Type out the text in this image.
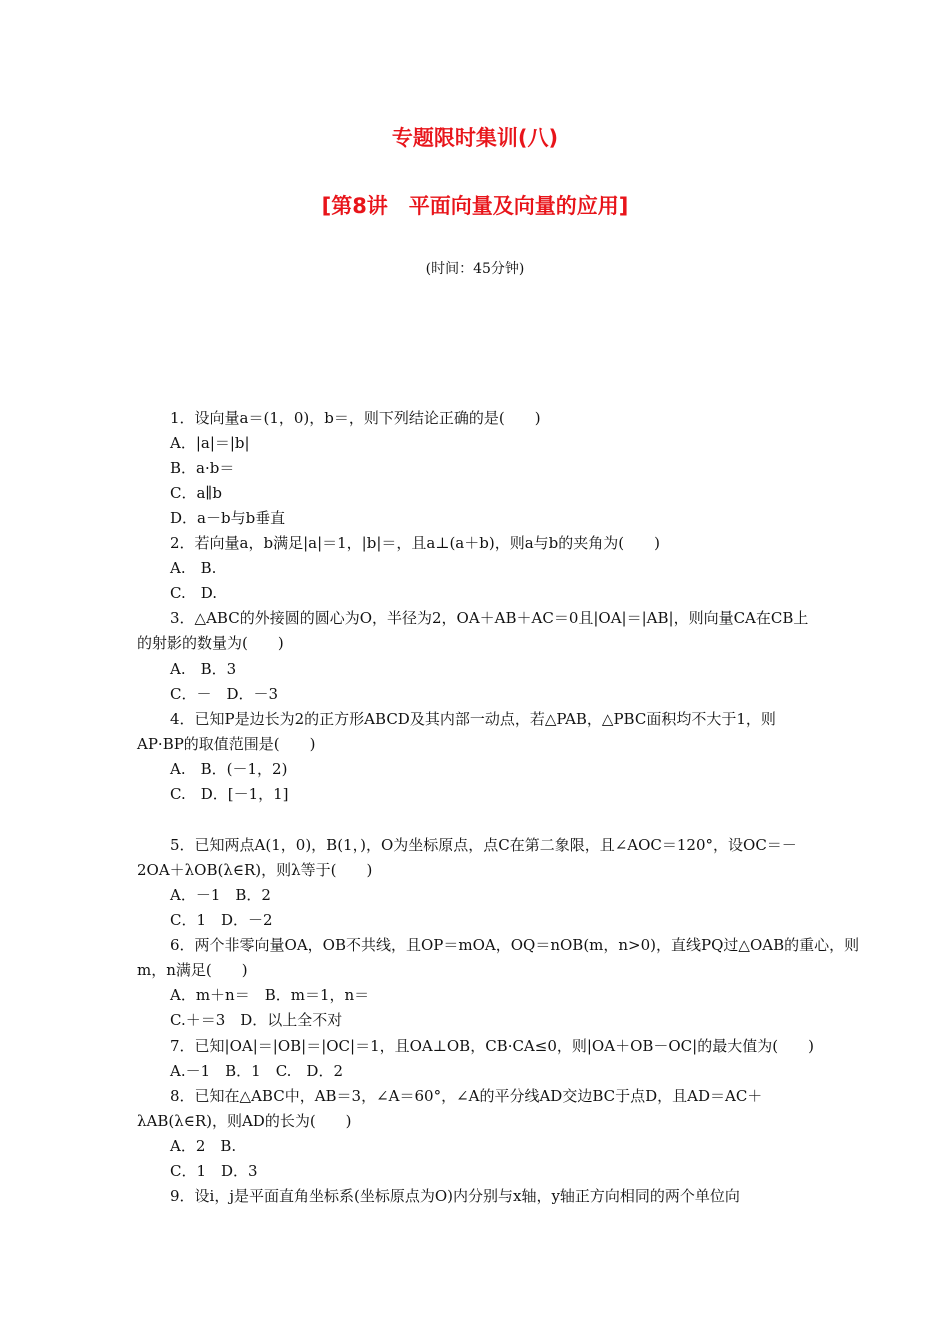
专题限时集训(八)
[第8讲　平面向量及向量的应用]
(时间：45分钟)
1．设向量a＝(1，0)，b＝，则下列结论正确的是(　　)
A．|a|＝|b|
B．a·b＝
C．a∥b
D．a－b与b垂直
2．若向量a，b满足|a|＝1，|b|＝，且a⊥(a＋b)，则a与b的夹角为(　　)
A.　B.
C.　D.
3．△ABC的外接圆的圆心为O，半径为2，OA＋AB＋AC＝0且|OA|＝|AB|，则向量CA在CB上
的射影的数量为(　　)
A.　B．3
C．－　D．－3
4．已知P是边长为2的正方形ABCD及其内部一动点，若△PAB，△PBC面积均不大于1，则
AP·BP的取值范围是(　　)
A.　B．(－1，2)
C.　D．[－1，1]
5．已知两点A(1，0)，B(1，)，O为坐标原点，点C在第二象限，且∠AOC＝120°，设OC＝－
2OA＋λOB(λ∈R)，则λ等于(　　)
A．－1　B．2
C．1　D．－2
6．两个非零向量OA，OB不共线，且OP＝mOA，OQ＝nOB(m，n>0)，直线PQ过△OAB的重心，则
m，n满足(　　)
A．m＋n＝　B．m＝1，n＝
C.＋＝3　D．以上全不对
7．已知|OA|＝|OB|＝|OC|＝1，且OA⊥OB，CB·CA≤0，则|OA＋OB－OC|的最大值为(　　)
A.－1　B．1　C.　D．2
8．已知在△ABC中，AB＝3，∠A＝60°，∠A的平分线AD交边BC于点D，且AD＝AC＋
λAB(λ∈R)，则AD的长为(　　)
A．2　B.
C．1　D．3
9．设i，j是平面直角坐标系(坐标原点为O)内分别与x轴，y轴正方向相同的两个单位向
